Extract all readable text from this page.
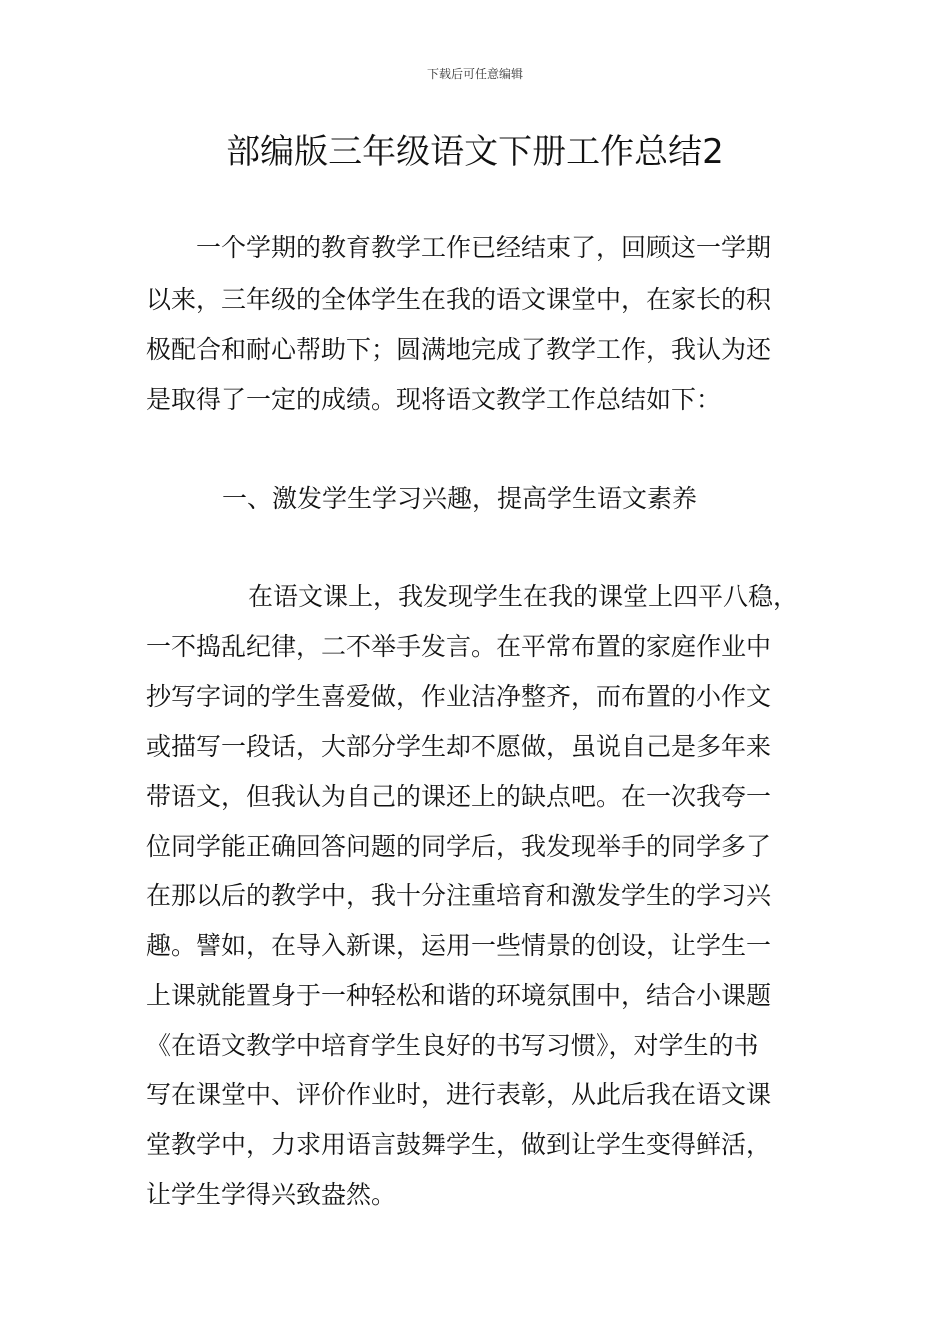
下载后可任意编辑
部编版三年级语文下册工作总结2
一个学期的教育教学工作已经结束了，回顾这一学期
以来，三年级的全体学生在我的语文课堂中，在家长的积
极配合和耐心帮助下；圆满地完成了教学工作，我认为还
是取得了一定的成绩。现将语文教学工作总结如下：
一、激发学生学习兴趣，提高学生语文素养
在语文课上，我发现学生在我的课堂上四平八稳，
一不捣乱纪律，二不举手发言。在平常布置的家庭作业中
抄写字词的学生喜爱做，作业洁净整齐，而布置的小作文
或描写一段话，大部分学生却不愿做，虽说自己是多年来
带语文，但我认为自己的课还上的缺点吧。在一次我夸一
位同学能正确回答问题的同学后，我发现举手的同学多了
在那以后的教学中，我十分注重培育和激发学生的学习兴
趣。譬如，在导入新课，运用一些情景的创设，让学生一
上课就能置身于一种轻松和谐的环境氛围中，结合小课题
《在语文教学中培育学生良好的书写习惯》，对学生的书
写在课堂中、评价作业时，进行表彰，从此后我在语文课
堂教学中，力求用语言鼓舞学生，做到让学生变得鲜活，
让学生学得兴致盎然。
